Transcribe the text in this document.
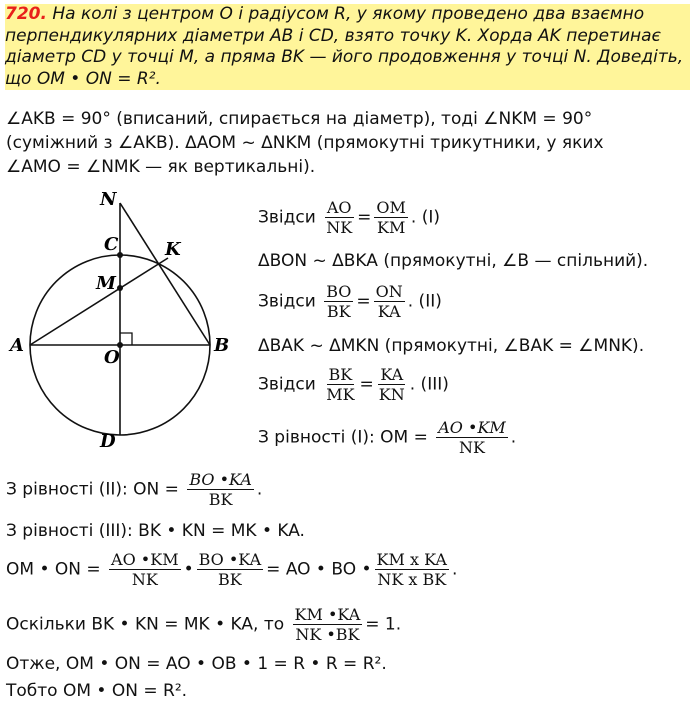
720. На колі з центром O і радіусом R, у якому проведено два взаємно перпендикулярних діаметри AB і CD, взято точку K. Хорда AK перетинає діаметр CD у точці M, а пряма BK — його продовження у точці N. Доведіть, що OM • ON = R².
∠AKB = 90° (вписаний, спирається на діаметр), тоді ∠NKM = 90°
(суміжний з ∠AKB). ΔAOM ~ ΔNKM (прямокутні трикутники, у яких
∠AMO = ∠NMK — як вертикальні).
N
C	K
M
A
O
B
D
Звідси $\frac{AO}{NK} = \frac{OM}{KM}$ . (I)
ΔBON ~ ΔBKA (прямокутні, ∠B — спільний).
Звідси $\frac{BO}{BK} = \frac{ON}{KA}$ . (II)
ΔBAK ~ ΔMKN (прямокутні, ∠BAK = ∠MNK).
Звідси $\frac{BK}{MK} = \frac{KA}{KN}$ . (III)
З рівності (I): OM = $\frac{AO •KM}{NK}$ .
З рівності (II): ON = $\frac{BO •KA}{BK}$ .
З рівності (III): BK • KN = MK • KA.
OM • ON = $\frac{AO •KM}{NK}$ • $\frac{BO •KA}{BK}$ = AO • BO • $\frac{\text{KM x KA}}{\text{NK x BK}}$ .
Оскільки BK • KN = MK • KA, то $\frac{KM •KA}{NK •BK} = 1$.
Отже, OM • ON = AO • OB • 1 = R • R = R².
Тобто OM • ON = R².
